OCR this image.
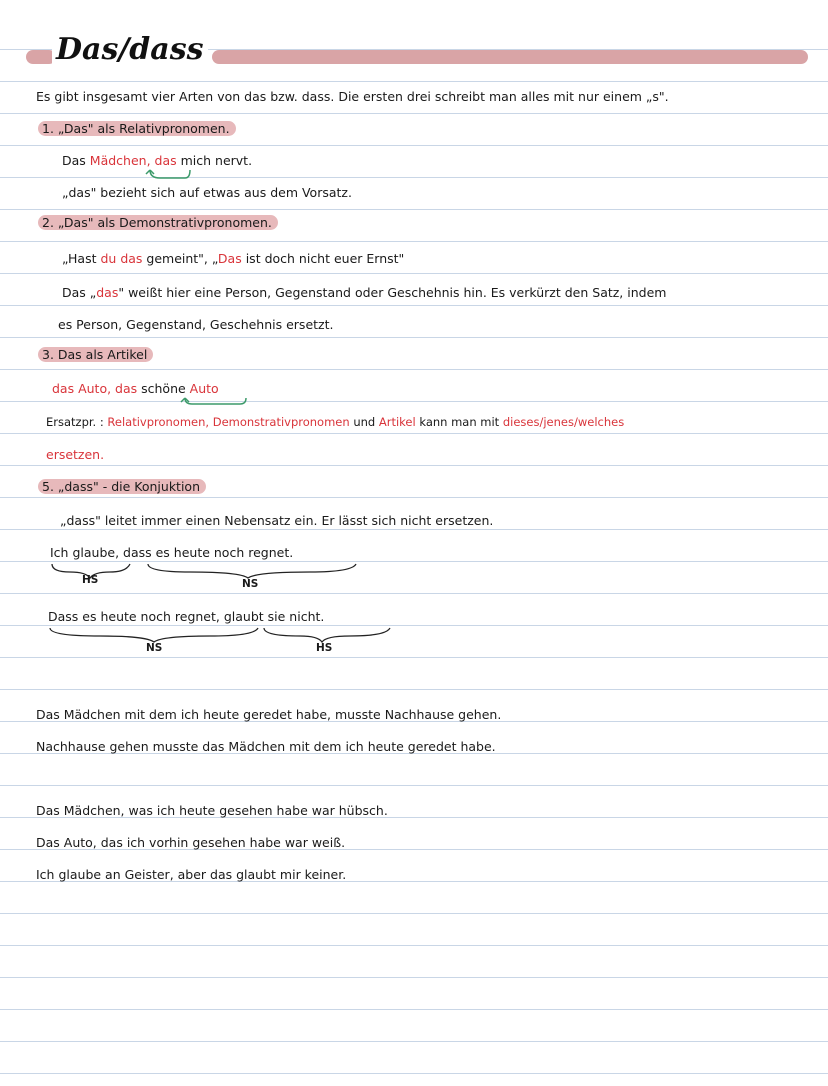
Das/dass
Es gibt insgesamt vier Arten von das bzw. dass. Die ersten drei schreibt man alles mit nur einem „s".
1. „Das" als Relativpronomen.
Das Mädchen, das mich nervt.
„das" bezieht sich auf etwas aus dem Vorsatz.
2. „Das" als Demonstrativpronomen.
„Hast du das gemeint", „Das ist doch nicht euer Ernst"
Das „das" weißt hier eine Person, Gegenstand oder Geschehnis hin. Es verkürzt den Satz, indem
es Person, Gegenstand, Geschehnis ersetzt.
3. Das als Artikel
das Auto, das schöne Auto
Ersatzpr. : Relativpronomen, Demonstrativpronomen und Artikel kann man mit dieses/jenes/welches
ersetzen.
5. „dass" - die Konjuktion
„dass" leitet immer einen Nebensatz ein. Er lässt sich nicht ersetzen.
Ich glaube, dass es heute noch regnet.
HS	NS
Dass es heute noch regnet, glaubt sie nicht.
NS	HS
Das Mädchen mit dem ich heute geredet habe, musste Nachhause gehen.
Nachhause gehen musste das Mädchen mit dem ich heute geredet habe.
Das Mädchen, was ich heute gesehen habe war hübsch.
Das Auto, das ich vorhin gesehen habe war weiß.
Ich glaube an Geister, aber das glaubt mir keiner.
